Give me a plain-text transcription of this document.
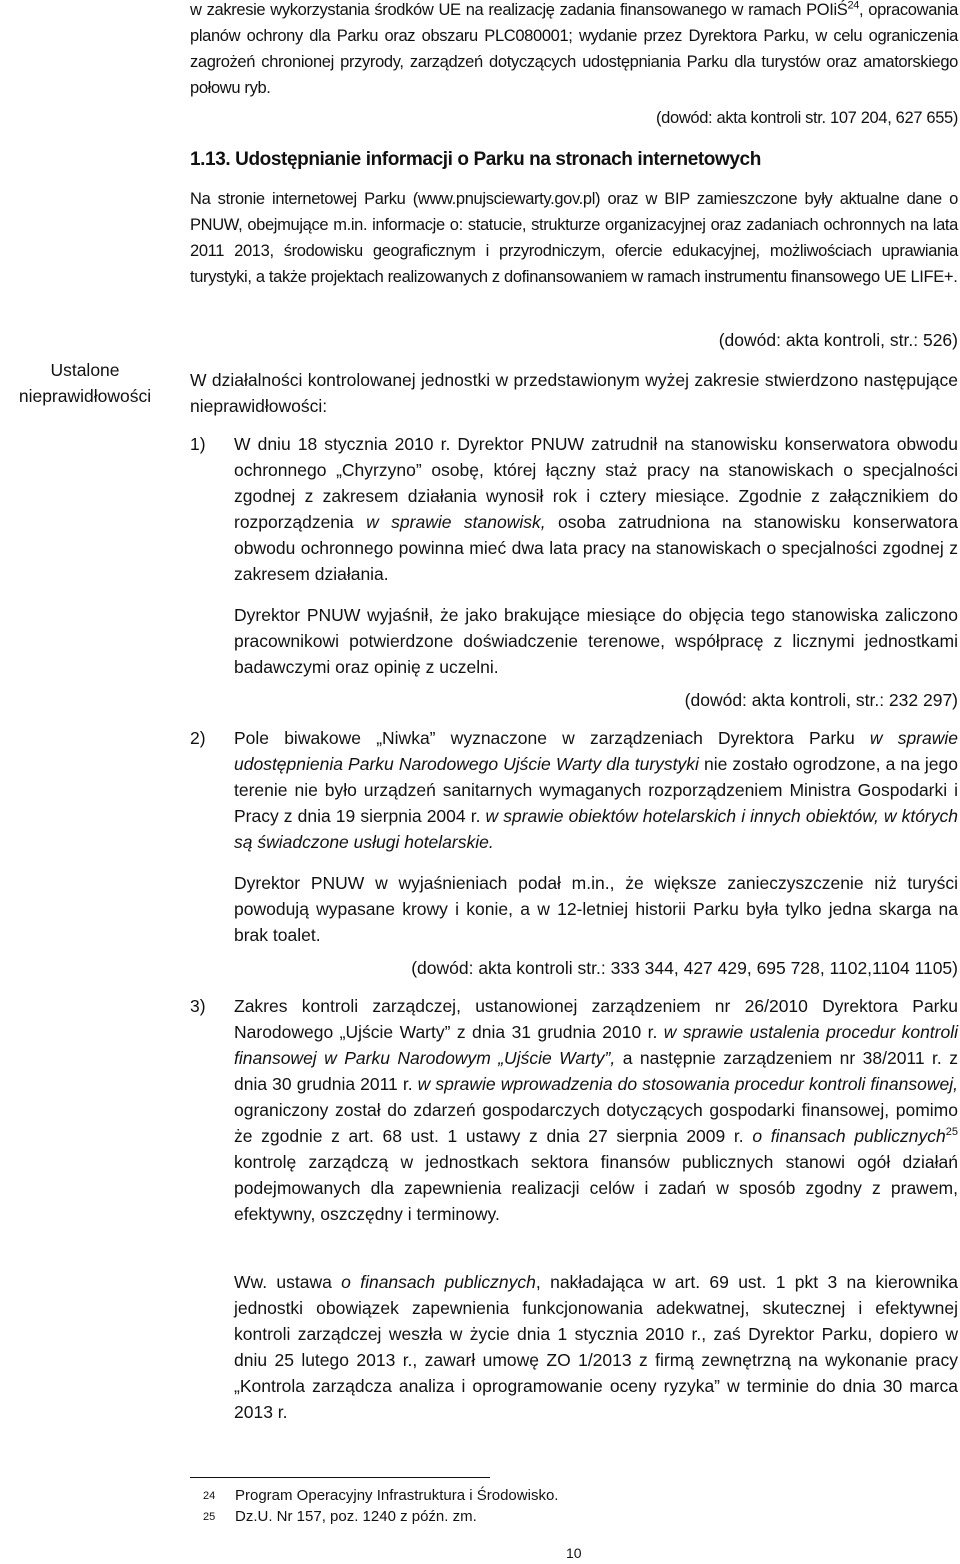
Ustalone
nieprawidłowości

w zakresie wykorzystania środków UE na realizację zadania finansowanego w ramach POIiŚ$^{24}$, opracowania planów ochrony dla Parku oraz obszaru PLC080001; wydanie przez Dyrektora Parku, w celu ograniczenia zagrożeń chronionej przyrody, zarządzeń dotyczących udostępniania Parku dla turystów oraz amatorskiego połowu ryb.

(dowód: akta kontroli str. 107 204, 627 655)

1.13. Udostępnianie informacji o Parku na stronach internetowych

Na stronie internetowej Parku (www.pnujsciewarty.gov.pl) oraz w BIP zamieszczone były aktualne dane o PNUW, obejmujące m.in. informacje o: statucie, strukturze organizacyjnej oraz zadaniach ochronnych na lata 2011 2013, środowisku geograficznym i przyrodniczym, ofercie edukacyjnej, możliwościach uprawiania turystyki, a także projektach realizowanych z dofinansowaniem w ramach instrumentu finansowego UE LIFE+.

(dowód: akta kontroli, str.: 526)

W działalności kontrolowanej jednostki w przedstawionym wyżej zakresie stwierdzono następujące nieprawidłowości:

1) W dniu 18 stycznia 2010 r. Dyrektor PNUW zatrudnił na stanowisku konserwatora obwodu ochronnego „Chyrzyno” osobę, której łączny staż pracy na stanowiskach o specjalności zgodnej z zakresem działania wynosił rok i cztery miesiące. Zgodnie z załącznikiem do rozporządzenia w sprawie stanowisk, osoba zatrudniona na stanowisku konserwatora obwodu ochronnego powinna mieć dwa lata pracy na stanowiskach o specjalności zgodnej z zakresem działania.

Dyrektor PNUW wyjaśnił, że jako brakujące miesiące do objęcia tego stanowiska zaliczono pracownikowi potwierdzone doświadczenie terenowe, współpracę z licznymi jednostkami badawczymi oraz opinię z uczelni.

(dowód: akta kontroli, str.: 232 297)

2) Pole biwakowe „Niwka” wyznaczone w zarządzeniach Dyrektora Parku w sprawie udostępnienia Parku Narodowego Ujście Warty dla turystyki nie zostało ogrodzone, a na jego terenie nie było urządzeń sanitarnych wymaganych rozporządzeniem Ministra Gospodarki i Pracy z dnia 19 sierpnia 2004 r. w sprawie obiektów hotelarskich i innych obiektów, w których są świadczone usługi hotelarskie.

Dyrektor PNUW w wyjaśnieniach podał m.in., że większe zanieczyszczenie niż turyści powodują wypasane krowy i konie, a w 12-letniej historii Parku była tylko jedna skarga na brak toalet.

(dowód: akta kontroli str.: 333 344, 427 429, 695 728, 1102,1104 1105)

3) Zakres kontroli zarządczej, ustanowionej zarządzeniem nr 26/2010 Dyrektora Parku Narodowego „Ujście Warty” z dnia 31 grudnia 2010 r. w sprawie ustalenia procedur kontroli finansowej w Parku Narodowym „Ujście Warty”, a następnie zarządzeniem nr 38/2011 r. z dnia 30 grudnia 2011 r. w sprawie wprowadzenia do stosowania procedur kontroli finansowej, ograniczony został do zdarzeń gospodarczych dotyczących gospodarki finansowej, pomimo że zgodnie z art. 68 ust. 1 ustawy z dnia 27 sierpnia 2009 r. o finansach publicznych$^{25}$ kontrolę zarządczą w jednostkach sektora finansów publicznych stanowi ogół działań podejmowanych dla zapewnienia realizacji celów i zadań w sposób zgodny z prawem, efektywny, oszczędny i terminowy.

Ww. ustawa o finansach publicznych, nakładająca w art. 69 ust. 1 pkt 3 na kierownika jednostki obowiązek zapewnienia funkcjonowania adekwatnej, skutecznej i efektywnej kontroli zarządczej weszła w życie dnia 1 stycznia 2010 r., zaś Dyrektor Parku, dopiero w dniu 25 lutego 2013 r., zawarł umowę ZO 1/2013 z firmą zewnętrzną na wykonanie pracy „Kontrola zarządcza analiza i oprogramowanie oceny ryzyka” w terminie do dnia 30 marca 2013 r.

24 Program Operacyjny Infrastruktura i Środowisko.
25 Dz.U. Nr 157, poz. 1240 z późn. zm.
10
